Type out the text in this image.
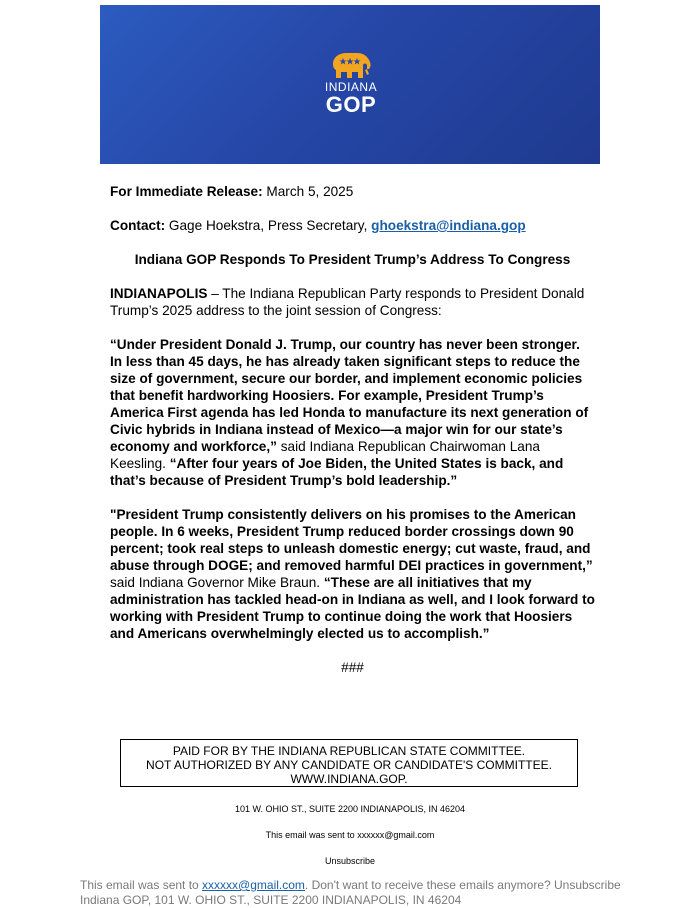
INDIANA
GOP

For Immediate Release: March 5, 2025

Contact: Gage Hoekstra, Press Secretary, ghoekstra@indiana.gop

Indiana GOP Responds To President Trump’s Address To Congress

INDIANAPOLIS – The Indiana Republican Party responds to President Donald Trump’s 2025 address to the joint session of Congress:

“Under President Donald J. Trump, our country has never been stronger. In less than 45 days, he has already taken significant steps to reduce the size of government, secure our border, and implement economic policies that benefit hardworking Hoosiers. For example, President Trump’s America First agenda has led Honda to manufacture its next generation of Civic hybrids in Indiana instead of Mexico—a major win for our state’s economy and workforce,” said Indiana Republican Chairwoman Lana Keesling. “After four years of Joe Biden, the United States is back, and that’s because of President Trump’s bold leadership.”

"President Trump consistently delivers on his promises to the American people. In 6 weeks, President Trump reduced border crossings down 90 percent; took real steps to unleash domestic energy; cut waste, fraud, and abuse through DOGE; and removed harmful DEI practices in government,” said Indiana Governor Mike Braun. “These are all initiatives that my administration has tackled head-on in Indiana as well, and I look forward to working with President Trump to continue doing the work that Hoosiers and Americans overwhelmingly elected us to accomplish.”

###

PAID FOR BY THE INDIANA REPUBLICAN STATE COMMITTEE.
NOT AUTHORIZED BY ANY CANDIDATE OR CANDIDATE'S COMMITTEE.
WWW.INDIANA.GOP.
101 W. OHIO ST., SUITE 2200 INDIANAPOLIS, IN 46204
This email was sent to xxxxxx@gmail.com
Unsubscribe
This email was sent to xxxxxx@gmail.com. Don't want to receive these emails anymore? Unsubscribe
Indiana GOP, 101 W. OHIO ST., SUITE 2200 INDIANAPOLIS, IN 46204
